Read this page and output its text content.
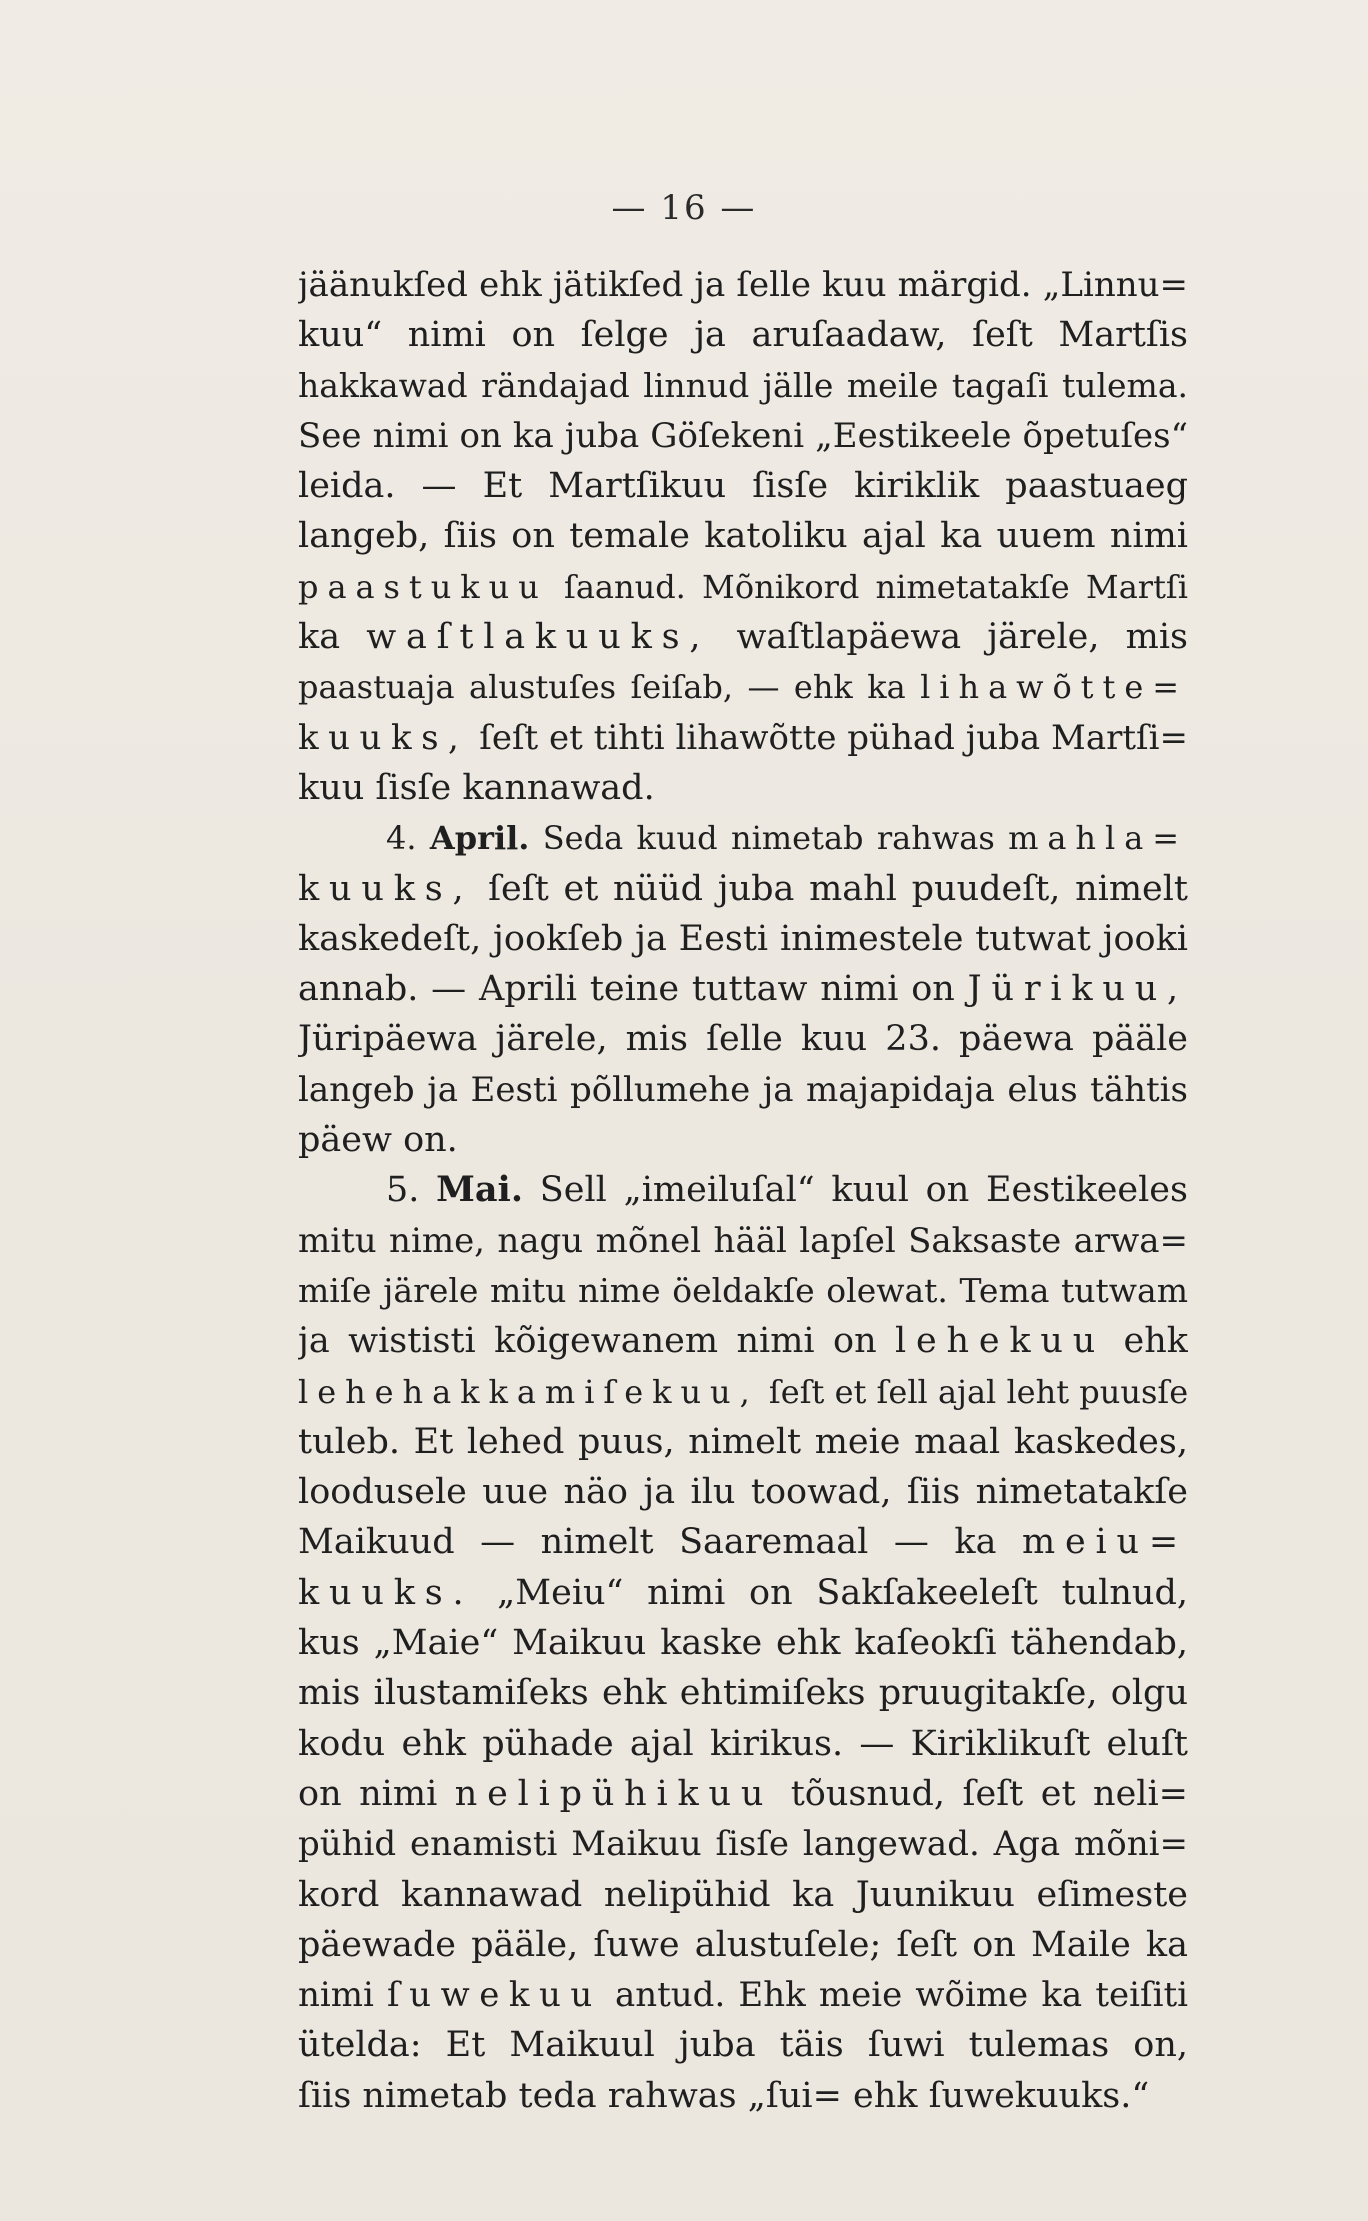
— 16 —
jäänukſed ehk jätikſed ja ſelle kuu märgid. „Linnu=
kuu“ nimi on ſelge ja aruſaadaw, ſeſt Martſis
hakkawad rändajad linnud jälle meile tagaſi tulema.
See nimi on ka juba Göſekeni „Eestikeele õpetuſes“
leida. — Et Martſikuu ſisſe kiriklik paastuaeg
langeb, ſiis on temale katoliku ajal ka uuem nimi
paastukuu ſaanud. Mõnikord nimetatakſe Martſi
ka waſtlakuuks, waſtlapäewa järele, mis
paastuaja alustuſes ſeiſab, — ehk ka lihawõtte=
kuuks, ſeſt et tihti lihawõtte pühad juba Martſi=
kuu ſisſe kannawad.
4. April. Seda kuud nimetab rahwas mahla=
kuuks, ſeſt et nüüd juba mahl puudeſt, nimelt
kaskedeſt, jookſeb ja Eesti inimestele tutwat jooki
annab. — Aprili teine tuttaw nimi on Jürikuu,
Jüripäewa järele, mis ſelle kuu 23. päewa pääle
langeb ja Eesti põllumehe ja majapidaja elus tähtis
päew on.
5. Mai. Sell „imeiluſal“ kuul on Eestikeeles
mitu nime, nagu mõnel hääl lapſel Saksaste arwa=
miſe järele mitu nime öeldakſe olewat. Tema tutwam
ja wististi kõigewanem nimi on lehekuu ehk
lehehakkamiſekuu, ſeſt et ſell ajal leht puusſe
tuleb. Et lehed puus, nimelt meie maal kaskedes,
loodusele uue näo ja ilu toowad, ſiis nimetatakſe
Maikuud — nimelt Saaremaal — ka meiu=
kuuks. „Meiu“ nimi on Sakſakeeleſt tulnud,
kus „Maie“ Maikuu kaske ehk kaſeokſi tähendab,
mis ilustamiſeks ehk ehtimiſeks pruugitakſe, olgu
kodu ehk pühade ajal kirikus. — Kiriklikuſt eluſt
on nimi nelipühikuu tõusnud, ſeſt et neli=
pühid enamisti Maikuu ſisſe langewad. Aga mõni=
kord kannawad nelipühid ka Juunikuu eſimeste
päewade pääle, ſuwe alustuſele; ſeſt on Maile ka
nimi ſuwekuu antud. Ehk meie wõime ka teiſiti
ütelda: Et Maikuul juba täis ſuwi tulemas on,
ſiis nimetab teda rahwas „ſui= ehk ſuwekuuks.“
